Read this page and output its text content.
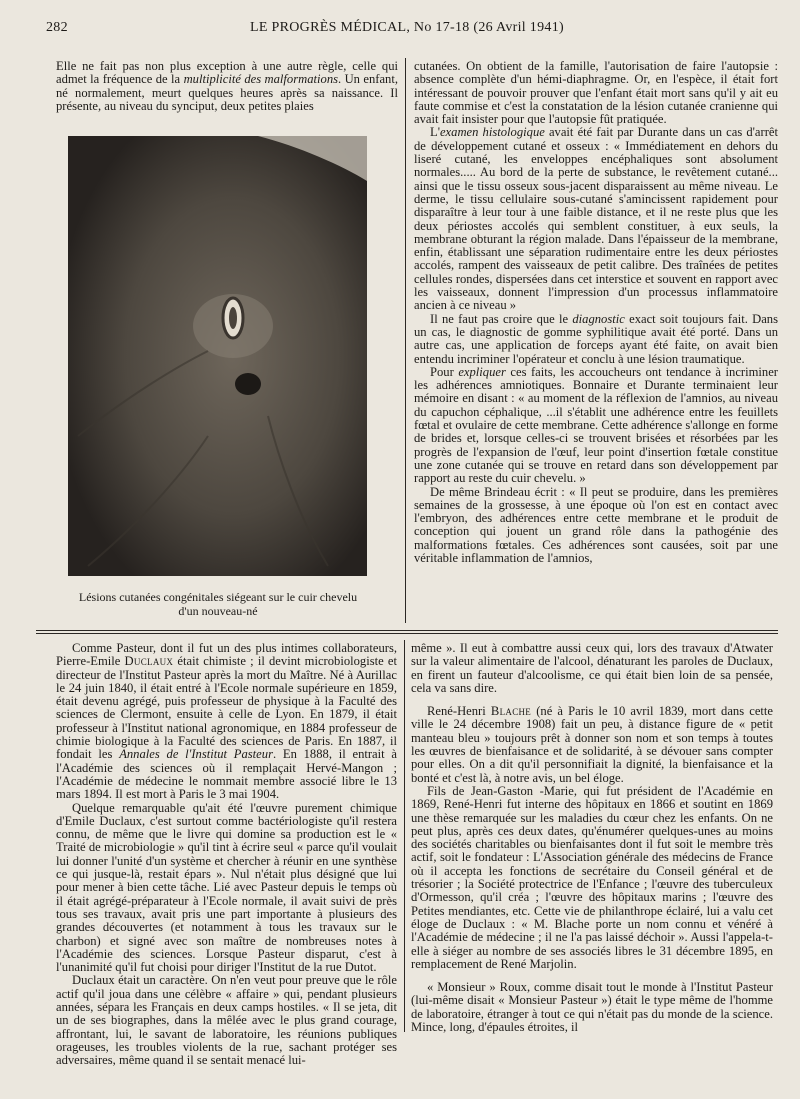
282	LE PROGRÈS MÉDICAL, No 17-18 (26 Avril 1941)

Elle ne fait pas non plus exception à une autre règle, celle qui admet la fréquence de la multiplicité des malformations. Un enfant, né normalement, meurt quelques heures après sa naissance. Il présente, au niveau du synciput, deux petites plaies

Lésions cutanées congénitales siégeant sur le cuir chevelu
d'un nouveau-né

cutanées. On obtient de la famille, l'autorisation de faire l'autopsie : absence complète d'un hémi-diaphragme. Or, en l'espèce, il était fort intéressant de pouvoir prouver que l'enfant était mort sans qu'il y ait eu faute commise et c'est la constatation de la lésion cutanée cranienne qui avait fait insister pour que l'autopsie fût pratiquée.

L'examen histologique avait été fait par Durante dans un cas d'arrêt de développement cutané et osseux : « Immédiatement en dehors du liseré cutané, les enveloppes encéphaliques sont absolument normales..... Au bord de la perte de substance, le revêtement cutané... ainsi que le tissu osseux sous-jacent disparaissent au même niveau. Le derme, le tissu cellulaire sous-cutané s'amincissent rapidement pour disparaître à leur tour à une faible distance, et il ne reste plus que les deux périostes accolés qui semblent constituer, à eux seuls, la membrane obturant la région malade. Dans l'épaisseur de la membrane, enfin, établissant une séparation rudimentaire entre les deux périostes accolés, rampent des vaisseaux de petit calibre. Des traînées de petites cellules rondes, dispersées dans cet interstice et souvent en rapport avec les vaisseaux, donnent l'impression d'un processus inflammatoire ancien à ce niveau »

Il ne faut pas croire que le diagnostic exact soit toujours fait. Dans un cas, le diagnostic de gomme syphilitique avait été porté. Dans un autre cas, une application de forceps ayant été faite, on avait bien entendu incriminer l'opérateur et conclu à une lésion traumatique.

Pour expliquer ces faits, les accoucheurs ont tendance à incriminer les adhérences amniotiques. Bonnaire et Durante terminaient leur mémoire en disant : « au moment de la réflexion de l'amnios, au niveau du capuchon céphalique, ...il s'établit une adhérence entre les feuillets fœtal et ovulaire de cette membrane. Cette adhérence s'allonge en forme de brides et, lorsque celles-ci se trouvent brisées et résorbées par les progrès de l'expansion de l'œuf, leur point d'insertion fœtale constitue une zone cutanée qui se trouve en retard dans son développement par rapport au reste du cuir chevelu. »

De même Brindeau écrit : « Il peut se produire, dans les premières semaines de la grossesse, à une époque où l'on est en contact avec l'embryon, des adhérences entre cette membrane et le produit de conception qui jouent un grand rôle dans la pathogénie des malformations fœtales. Ces adhérences sont causées, soit par une véritable inflammation de l'amnios,

Comme Pasteur, dont il fut un des plus intimes collaborateurs, Pierre-Emile Duclaux était chimiste ; il devint microbiologiste et directeur de l'Institut Pasteur après la mort du Maître. Né à Aurillac le 24 juin 1840, il était entré à l'Ecole normale supérieure en 1859, était devenu agrégé, puis professeur de physique à la Faculté des sciences de Clermont, ensuite à celle de Lyon. En 1879, il était professeur à l'Institut national agronomique, en 1884 professeur de chimie biologique à la Faculté des sciences de Paris. En 1887, il fondait les Annales de l'Institut Pasteur. En 1888, il entrait à l'Académie des sciences où il remplaçait Hervé-Mangon ; l'Académie de médecine le nommait membre associé libre le 13 mars 1894. Il est mort à Paris le 3 mai 1904.

Quelque remarquable qu'ait été l'œuvre purement chimique d'Emile Duclaux, c'est surtout comme bactériologiste qu'il restera connu, de même que le livre qui domine sa production est le « Traité de microbiologie » qu'il tint à écrire seul « parce qu'il voulait lui donner l'unité d'un système et chercher à réunir en une synthèse ce qui jusque-là, restait épars ». Nul n'était plus désigné que lui pour mener à bien cette tâche. Lié avec Pasteur depuis le temps où il était agrégé-préparateur à l'Ecole normale, il avait suivi de près tous ses travaux, avait pris une part importante à plusieurs des grandes découvertes (et notamment à tous les travaux sur le charbon) et signé avec son maître de nombreuses notes à l'Académie des sciences. Lorsque Pasteur disparut, c'est à l'unanimité qu'il fut choisi pour diriger l'Institut de la rue Dutot.

Duclaux était un caractère. On n'en veut pour preuve que le rôle actif qu'il joua dans une célèbre « affaire » qui, pendant plusieurs années, sépara les Français en deux camps hostiles. « Il se jeta, dit un de ses biographes, dans la mêlée avec le plus grand courage, affrontant, lui, le savant de laboratoire, les réunions publiques orageuses, les troubles violents de la rue, sachant protéger ses adversaires, même quand il se sentait menacé lui-

même ». Il eut à combattre aussi ceux qui, lors des travaux d'Atwater sur la valeur alimentaire de l'alcool, dénaturant les paroles de Duclaux, en firent un fauteur d'alcoolisme, ce qui était bien loin de sa pensée, cela va sans dire.

René-Henri Blache (né à Paris le 10 avril 1839, mort dans cette ville le 24 décembre 1908) fait un peu, à distance figure de « petit manteau bleu » toujours prêt à donner son nom et son temps à toutes les œuvres de bienfaisance et de solidarité, à se dévouer sans compter pour elles. On a dit qu'il personnifiait la dignité, la bienfaisance et la bonté et c'est là, à notre avis, un bel éloge.

Fils de Jean-Gaston -Marie, qui fut président de l'Académie en 1869, René-Henri fut interne des hôpitaux en 1866 et soutint en 1869 une thèse remarquée sur les maladies du cœur chez les enfants. On ne peut plus, après ces deux dates, qu'énumérer quelques-unes au moins des sociétés charitables ou bienfaisantes dont il fut soit le membre très actif, soit le fondateur : L'Association générale des médecins de France où il accepta les fonctions de secrétaire du Conseil général et de trésorier ; la Société protectrice de l'Enfance ; l'œuvre des tuberculeux d'Ormesson, qu'il créa ; l'œuvre des hôpitaux marins ; l'œuvre des Petites mendiantes, etc. Cette vie de philanthrope éclairé, lui a valu cet éloge de Duclaux : « M. Blache porte un nom connu et vénéré à l'Académie de médecine ; il ne l'a pas laissé déchoir ». Aussi l'appela-t-elle à siéger au nombre de ses associés libres le 31 décembre 1895, en remplacement de René Marjolin.

« Monsieur » Roux, comme disait tout le monde à l'Institut Pasteur (lui-même disait « Monsieur Pasteur ») était le type même de l'homme de laboratoire, étranger à tout ce qui n'était pas du monde de la science. Mince, long, d'épaules étroites, il
